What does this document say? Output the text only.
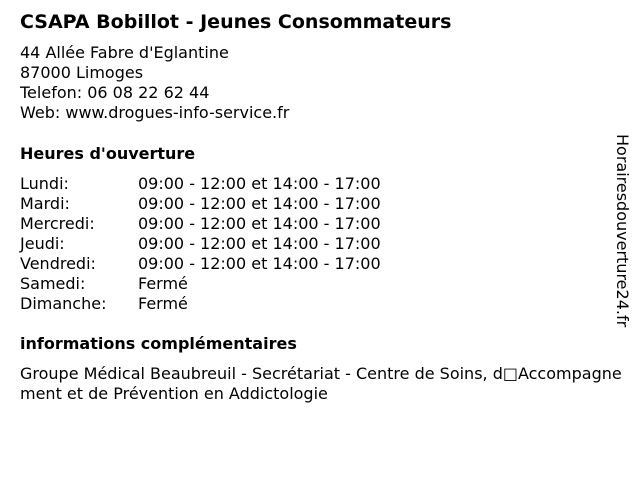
CSAPA Bobillot - Jeunes Consommateurs
44 Allée Fabre d'Eglantine
87000 Limoges
Telefon: 06 08 22 62 44
Web: www.drogues-info-service.fr
Heures d'ouverture
Lundi:	09:00 - 12:00 et 14:00 - 17:00
Mardi:	09:00 - 12:00 et 14:00 - 17:00
Mercredi:	09:00 - 12:00 et 14:00 - 17:00
Jeudi:	09:00 - 12:00 et 14:00 - 17:00
Vendredi:	09:00 - 12:00 et 14:00 - 17:00
Samedi:	Fermé
Dimanche:	Fermé
informations complémentaires
Groupe Médical Beaubreuil - Secrétariat - Centre de Soins, d□Accompagnement et de Prévention en Addictologie
Horairesdouverture24.fr
